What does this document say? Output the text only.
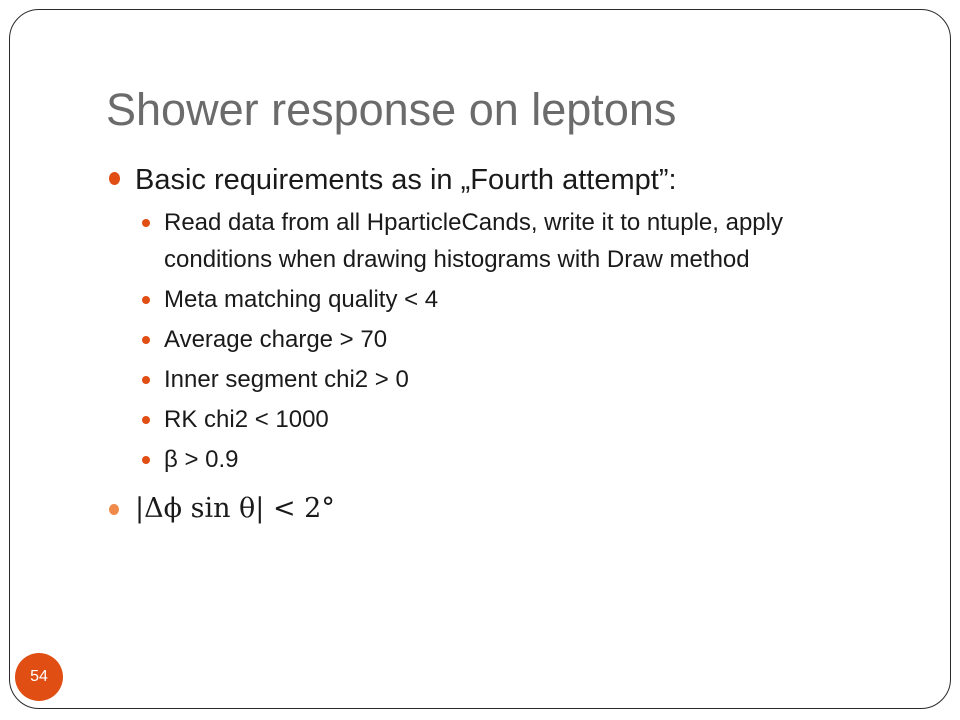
Shower response on leptons
Basic requirements as in „Fourth attempt”:
Read data from all HparticleCands, write it to ntuple, apply conditions when drawing histograms with Draw method
Meta matching quality < 4
Average charge > 70
Inner segment chi2 > 0
RK chi2 < 1000
β > 0.9
|Δϕ sin θ| < 2°
54
